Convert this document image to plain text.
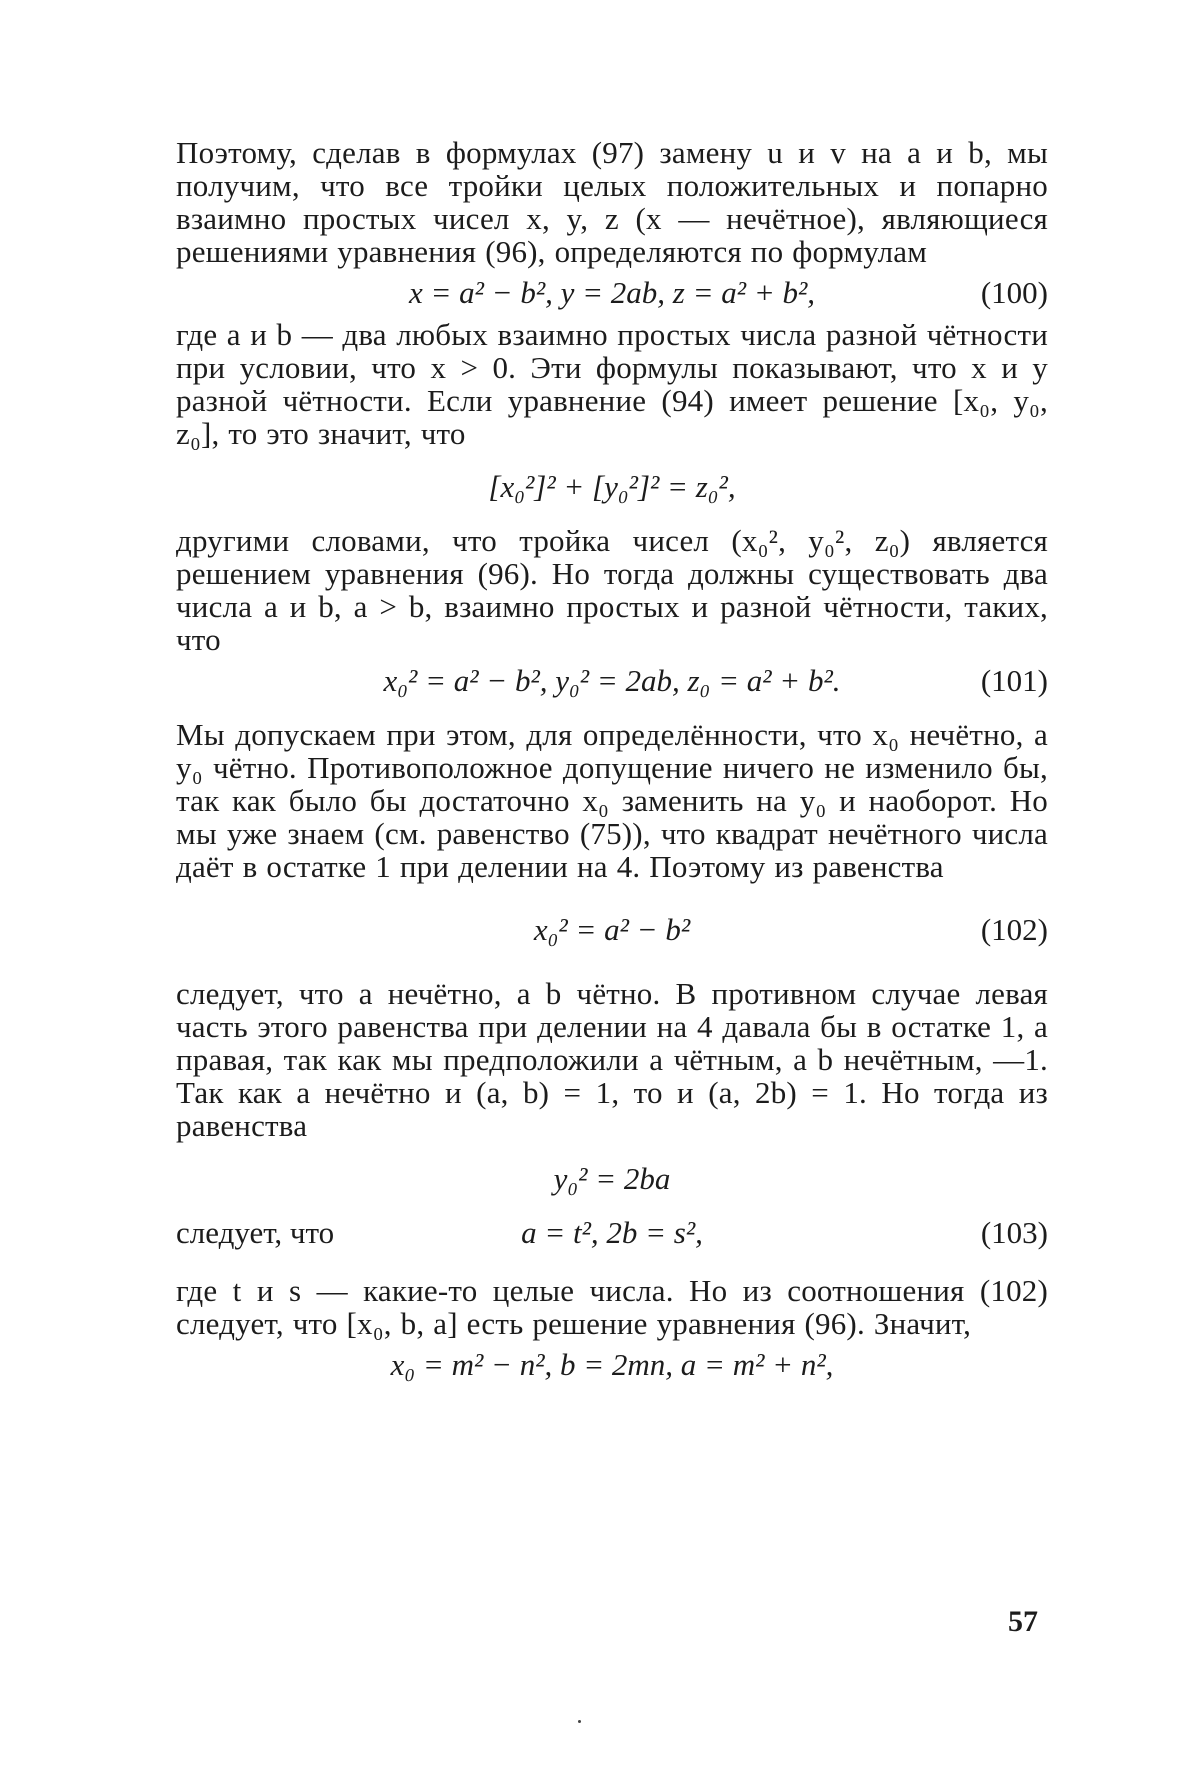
Поэтому, сделав в формулах (97) замену u и v на a и b, мы получим, что все тройки целых положительных и попарно взаимно простых чисел x, y, z (x — нечётное), являющиеся решениями уравнения (96), определяются по формулам

x = a² − b², y = 2ab, z = a² + b²,	(100)

где a и b — два любых взаимно простых числа разной чётности при условии, что x > 0. Эти формулы показывают, что x и y разной чётности. Если уравнение (94) имеет решение [x₀, y₀, z₀], то это значит, что

[x₀²]² + [y₀²]² = z₀²,

другими словами, что тройка чисел (x₀², y₀², z₀) является решением уравнения (96). Но тогда должны существовать два числа a и b, a > b, взаимно простых и разной чётности, таких, что

x₀² = a² − b², y₀² = 2ab, z₀ = a² + b².	(101)

Мы допускаем при этом, для определённости, что x₀ нечётно, а y₀ чётно. Противоположное допущение ничего не изменило бы, так как было бы достаточно x₀ заменить на y₀ и наоборот. Но мы уже знаем (см. равенство (75)), что квадрат нечётного числа даёт в остатке 1 при делении на 4. Поэтому из равенства

x₀² = a² − b²	(102)

следует, что a нечётно, а b чётно. В противном случае левая часть этого равенства при делении на 4 давала бы в остатке 1, а правая, так как мы предположили a чётным, а b нечётным, —1. Так как a нечётно и (a, b) = 1, то и (a, 2b) = 1. Но тогда из равенства

y₀² = 2ba
следует, что	a = t², 2b = s²,	(103)

где t и s — какие-то целые числа. Но из соотношения (102) следует, что [x₀, b, a] есть решение уравнения (96). Значит,

x₀ = m² − n², b = 2mn, a = m² + n²,
57
